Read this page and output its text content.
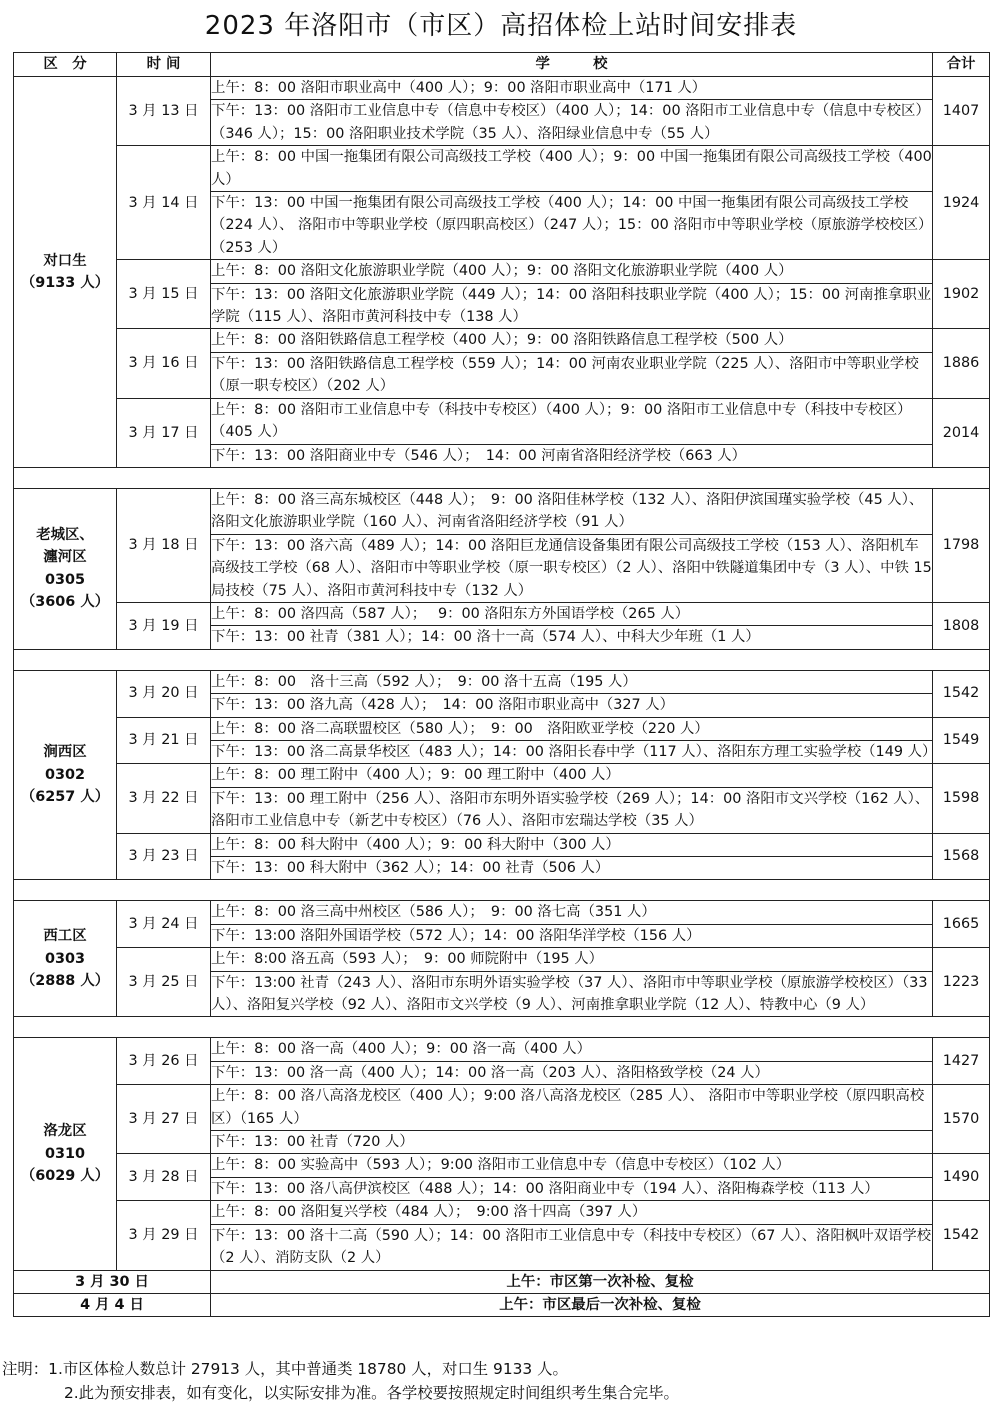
2023 年洛阳市（市区）高招体检上站时间安排表
区　分	时 间	学　　　校	合计
对口生
（9133 人）	3 月 13 日	上午：8：00 洛阳市职业高中（400 人）；9：00 洛阳市职业高中（171 人）	1407
		下午：13：00 洛阳市工业信息中专（信息中专校区）（400 人）；14：00 洛阳市工业信息中专（信息中专校区）（346 人）；15：00 洛阳职业技术学院（35 人）、洛阳绿业信息中专（55 人）	
	3 月 14 日	上午：8：00 中国一拖集团有限公司高级技工学校（400 人）；9：00 中国一拖集团有限公司高级技工学校（400 人）	1924
		下午：13：00 中国一拖集团有限公司高级技工学校（400 人）；14：00 中国一拖集团有限公司高级技工学校（224 人）、 洛阳市中等职业学校（原四职高校区）（247 人）；15：00 洛阳市中等职业学校（原旅游学校校区）（253 人）	
	3 月 15 日	上午：8：00 洛阳文化旅游职业学院（400 人）；9：00 洛阳文化旅游职业学院（400 人）	1902
		下午：13：00 洛阳文化旅游职业学院（449 人）；14：00 洛阳科技职业学院（400 人）；15：00 河南推拿职业学院（115 人）、洛阳市黄河科技中专（138 人）	
	3 月 16 日	上午：8：00 洛阳铁路信息工程学校（400 人）；9：00 洛阳铁路信息工程学校（500 人）	1886
		下午：13：00 洛阳铁路信息工程学校（559 人）；14：00 河南农业职业学院（225 人）、洛阳市中等职业学校（原一职专校区）（202 人）	
	3 月 17 日	上午：8：00 洛阳市工业信息中专（科技中专校区）（400 人）；9：00 洛阳市工业信息中专（科技中专校区）（405 人）	2014
		下午：13：00 洛阳商业中专（546 人）；　14：00 河南省洛阳经济学校（663 人）	

老城区、
瀍河区
0305
（3606 人）	3 月 18 日	上午：8：00 洛三高东城校区（448 人）；　9：00 洛阳佳林学校（132 人）、洛阳伊滨国瑾实验学校（45 人）、洛阳文化旅游职业学院（160 人）、河南省洛阳经济学校（91 人）	1798
		下午：13：00 洛六高（489 人）；14：00 洛阳巨龙通信设备集团有限公司高级技工学校（153 人）、洛阳机车高级技工学校（68 人）、洛阳市中等职业学校（原一职专校区）（2 人）、洛阳中铁隧道集团中专（3 人）、中铁 15 局技校（75 人）、洛阳市黄河科技中专（132 人）	
	3 月 19 日	上午：8：00 洛四高（587 人）；　 9：00 洛阳东方外国语学校（265 人）	1808
		下午：13：00 社青（381 人）；14：00 洛十一高（574 人）、中科大少年班（1 人）	

涧西区
0302
（6257 人）	3 月 20 日	上午：8：00　洛十三高（592 人）；　9：00 洛十五高（195 人）	1542
		下午：13：00 洛九高（428 人）；　14：00 洛阳市职业高中（327 人）	
	3 月 21 日	上午：8：00 洛二高联盟校区（580 人）；　9：00　洛阳欧亚学校（220 人）	1549
		下午：13：00 洛二高景华校区（483 人）；14：00 洛阳长春中学（117 人）、洛阳东方理工实验学校（149 人）	
	3 月 22 日	上午：8：00 理工附中（400 人）；9：00 理工附中（400 人）	1598
		下午：13：00 理工附中（256 人）、洛阳市东明外语实验学校（269 人）；14：00 洛阳市文兴学校（162 人）、洛阳市工业信息中专（新艺中专校区）（76 人）、洛阳市宏瑞达学校（35 人）	
	3 月 23 日	上午：8：00 科大附中（400 人）；9：00 科大附中（300 人）	1568
		下午：13：00 科大附中（362 人）；14：00 社青（506 人）	

西工区
0303
（2888 人）	3 月 24 日	上午：8：00 洛三高中州校区（586 人）；　9：00 洛七高（351 人）	1665
		下午：13:00 洛阳外国语学校（572 人）；14：00 洛阳华洋学校（156 人）	
	3 月 25 日	上午：8:00 洛五高（593 人）；　9：00 师院附中（195 人）	1223
		下午：13:00 社青（243 人）、洛阳市东明外语实验学校（37 人）、洛阳市中等职业学校（原旅游学校校区）（33 人）、洛阳复兴学校（92 人）、洛阳市文兴学校（9 人）、河南推拿职业学院（12 人）、特教中心（9 人）	

洛龙区
0310
（6029 人）	3 月 26 日	上午：8：00 洛一高（400 人）；9：00 洛一高（400 人）	1427
		下午：13：00 洛一高（400 人）；14：00 洛一高（203 人）、洛阳格致学校（24 人）	
	3 月 27 日	上午：8：00 洛八高洛龙校区（400 人）；9:00 洛八高洛龙校区（285 人）、 洛阳市中等职业学校（原四职高校区）（165 人）	1570
		下午：13：00 社青（720 人）	
	3 月 28 日	上午：8：00 实验高中（593 人）；9:00 洛阳市工业信息中专（信息中专校区）（102 人）	1490
		下午：13：00 洛八高伊滨校区（488 人）；14：00 洛阳商业中专（194 人）、洛阳梅森学校（113 人）	
	3 月 29 日	上午：8：00 洛阳复兴学校（484 人）；　9:00 洛十四高（397 人）	1542
		下午：13：00 洛十二高（590 人）；14：00 洛阳市工业信息中专（科技中专校区）（67 人）、洛阳枫叶双语学校（2 人）、消防支队（2 人）	
3 月 30 日		上午：市区第一次补检、复检	
4 月 4 日		上午：市区最后一次补检、复检	
注明：1.市区体检人数总计 27913 人，其中普通类 18780 人，对口生 9133 人。
2.此为预安排表，如有变化，以实际安排为准。各学校要按照规定时间组织考生集合完毕。
